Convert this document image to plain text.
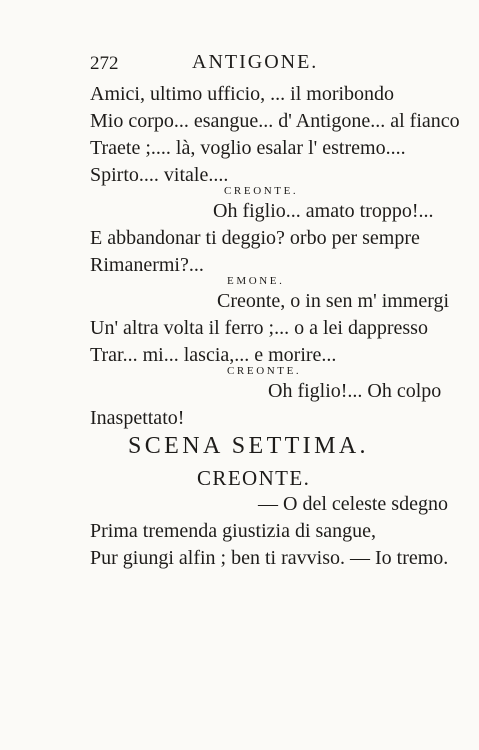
272	ANTIGONE.
Amici, ultimo ufficio, ... il moribondo
Mio corpo... esangue... d' Antigone... al fianco
Traete ;.... là, voglio esalar l' estremo....
Spirto.... vitale....
CREONTE.
Oh figlio... amato troppo!...
E abbandonar ti deggio? orbo per sempre
Rimanermi?...
EMONE.
Creonte, o in sen m' immergi
Un' altra volta il ferro ;... o a lei dappresso
Trar... mi... lascia,... e morire...
CREONTE.
Oh figlio!... Oh colpo
Inaspettato!
SCENA SETTIMA.
CREONTE.
— O del celeste sdegno
Prima tremenda giustizia di sangue,
Pur giungi alfin ; ben ti ravviso. — Io tremo.
